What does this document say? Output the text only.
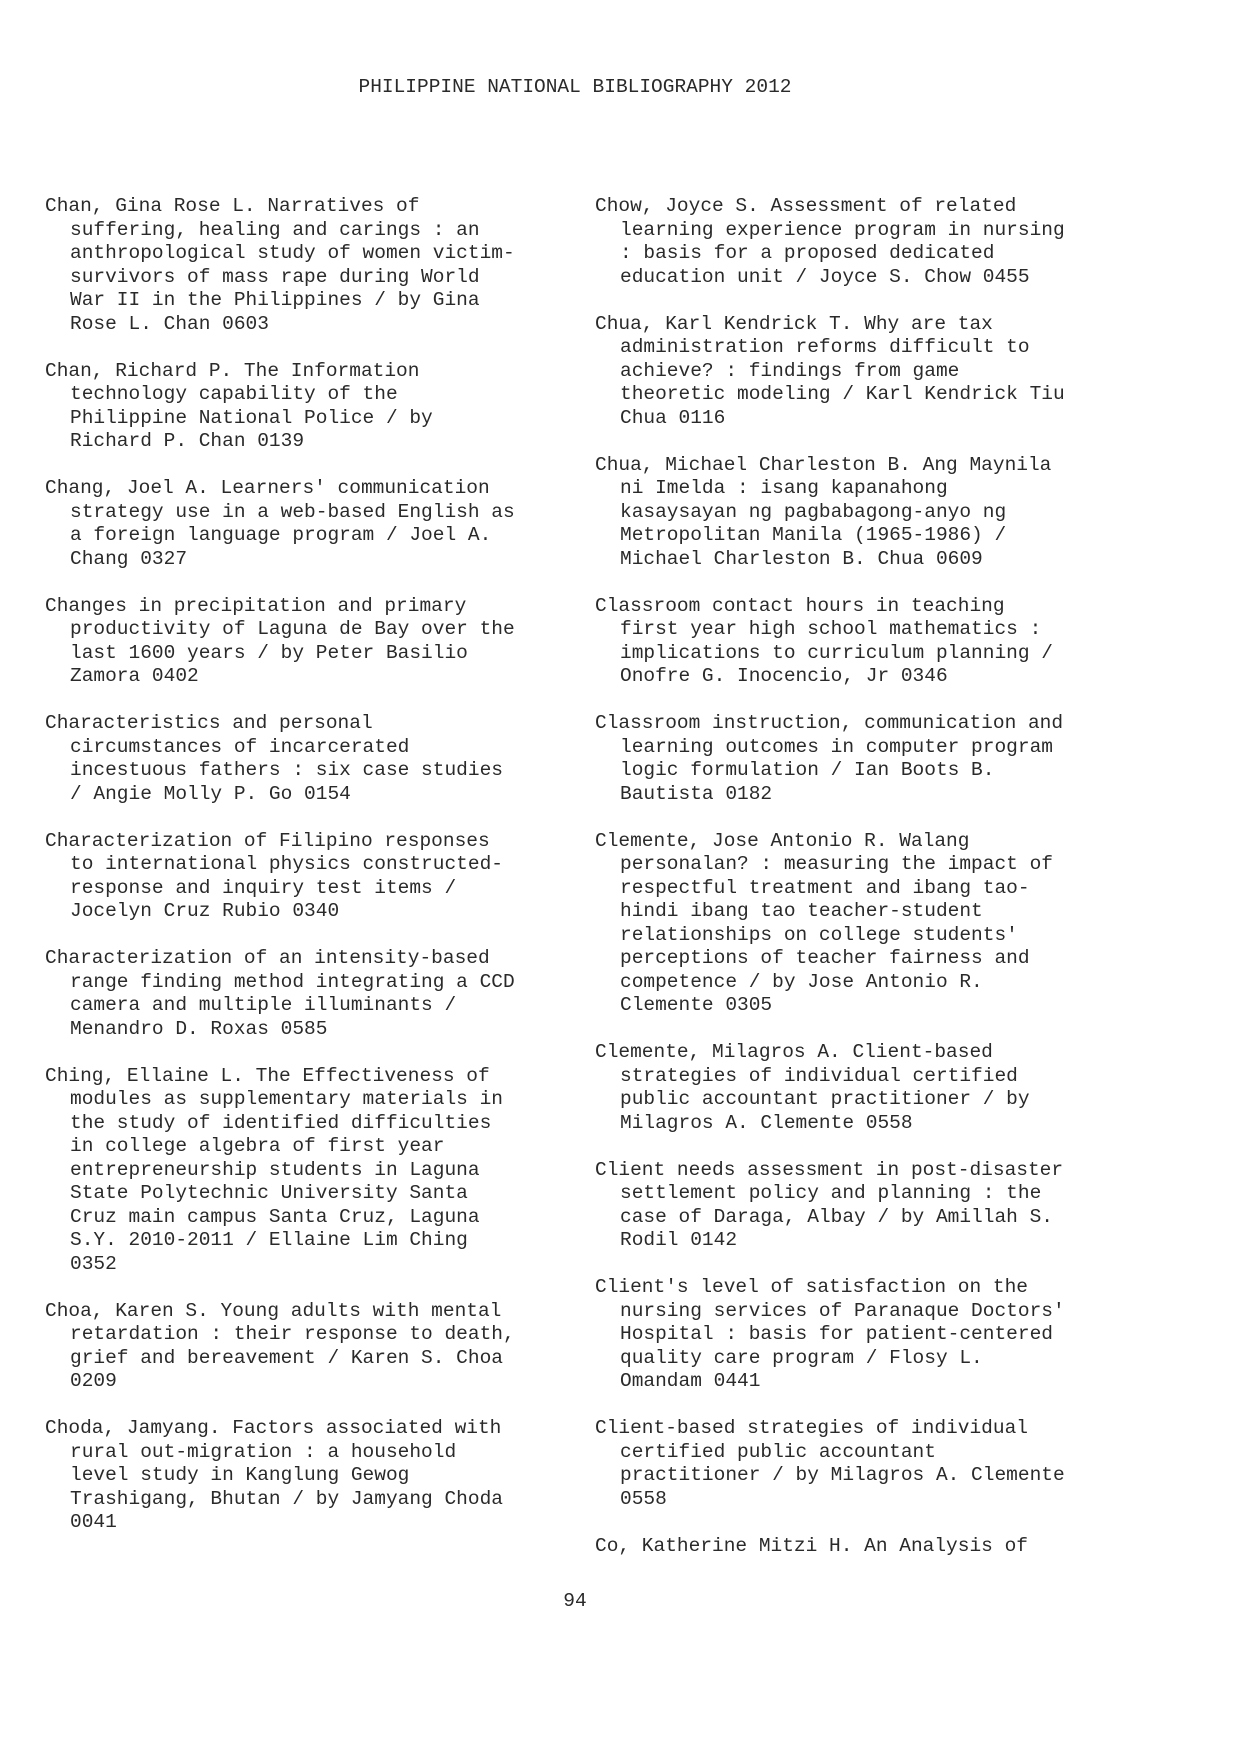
PHILIPPINE NATIONAL BIBLIOGRAPHY 2012

Chan, Gina Rose L. Narratives of
suffering, healing and carings : an
anthropological study of women victim-
survivors of mass rape during World
War II in the Philippines / by Gina
Rose L. Chan 0603

Chan, Richard P. The Information
technology capability of the
Philippine National Police / by
Richard P. Chan 0139

Chang, Joel A. Learners' communication
strategy use in a web-based English as
a foreign language program / Joel A.
Chang 0327

Changes in precipitation and primary
productivity of Laguna de Bay over the
last 1600 years / by Peter Basilio
Zamora 0402

Characteristics and personal
circumstances of incarcerated
incestuous fathers : six case studies
/ Angie Molly P. Go 0154

Characterization of Filipino responses
to international physics constructed-
response and inquiry test items /
Jocelyn Cruz Rubio 0340

Characterization of an intensity-based
range finding method integrating a CCD
camera and multiple illuminants /
Menandro D. Roxas 0585

Ching, Ellaine L. The Effectiveness of
modules as supplementary materials in
the study of identified difficulties
in college algebra of first year
entrepreneurship students in Laguna
State Polytechnic University Santa
Cruz main campus Santa Cruz, Laguna
S.Y. 2010-2011 / Ellaine Lim Ching
0352

Choa, Karen S. Young adults with mental
retardation : their response to death,
grief and bereavement / Karen S. Choa
0209

Choda, Jamyang. Factors associated with
rural out-migration : a household
level study in Kanglung Gewog
Trashigang, Bhutan / by Jamyang Choda
0041

Chow, Joyce S. Assessment of related
learning experience program in nursing
: basis for a proposed dedicated
education unit / Joyce S. Chow 0455

Chua, Karl Kendrick T. Why are tax
administration reforms difficult to
achieve? : findings from game
theoretic modeling / Karl Kendrick Tiu
Chua 0116

Chua, Michael Charleston B. Ang Maynila
ni Imelda : isang kapanahong
kasaysayan ng pagbabagong-anyo ng
Metropolitan Manila (1965-1986) /
Michael Charleston B. Chua 0609

Classroom contact hours in teaching
first year high school mathematics :
implications to curriculum planning /
Onofre G. Inocencio, Jr 0346

Classroom instruction, communication and
learning outcomes in computer program
logic formulation / Ian Boots B.
Bautista 0182

Clemente, Jose Antonio R. Walang
personalan? : measuring the impact of
respectful treatment and ibang tao-
hindi ibang tao teacher-student
relationships on college students'
perceptions of teacher fairness and
competence / by Jose Antonio R.
Clemente 0305

Clemente, Milagros A. Client-based
strategies of individual certified
public accountant practitioner / by
Milagros A. Clemente 0558

Client needs assessment in post-disaster
settlement policy and planning : the
case of Daraga, Albay / by Amillah S.
Rodil 0142

Client's level of satisfaction on the
nursing services of Paranaque Doctors'
Hospital : basis for patient-centered
quality care program / Flosy L.
Omandam 0441

Client-based strategies of individual
certified public accountant
practitioner / by Milagros A. Clemente
0558

Co, Katherine Mitzi H. An Analysis of

94
